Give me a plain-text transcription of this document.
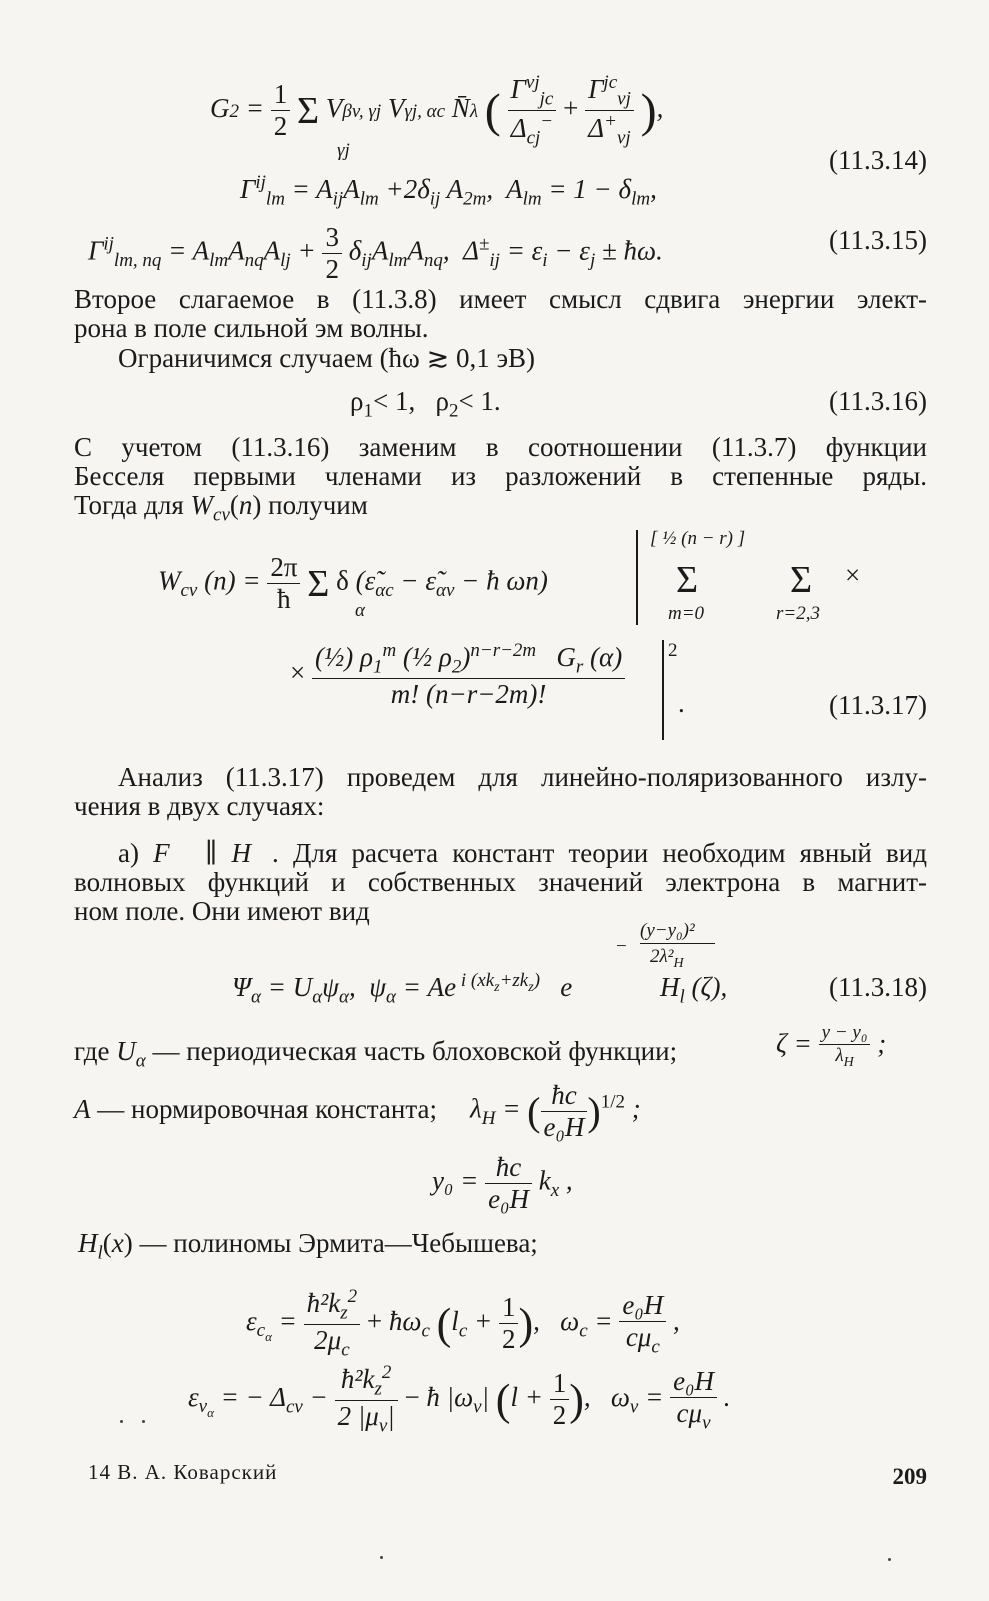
$G2 = \frac{1}{2}$ Σ Vβv, γj Vγj, αc N̄λ ( $\frac{\Gamma^{vj}_{jc}}{\Delta_{cj}^-} + \frac{\Gamma^{jc}_{vj}}{\Delta^+_{vj}}$ ),
γj	(11.3.14)
$\Gamma^{ij}_{lm} = A_{ij}A_{lm} +2\delta_{ij}$ $A_{2m}$,  $A_{lm} = 1 - \delta_{lm}$,
$\Gamma^{ij}_{lm, nq} = A_{lm}A_{nq}A_{lj} + \frac{3}{2} \delta_{ij}A_{lm}A_{nq}$,  $\Delta^\pm_{ij} = \varepsilon_i - \varepsilon_j$ ± ħω.	(11.3.15)
Второе слагаемое в (11.3.8) имеет смысл сдвига энергии элект-
рона в поле сильной эм волны.
Ограничимся случаем (ħω ≳ 0,1 эВ)
$\rho_1< 1$,   $\rho_2< 1$.	(11.3.16)
С учетом (11.3.16) заменим в соотношении (11.3.7) функции
Бесселя первыми членами из разложений в степенные ряды.
Тогда для $W_{cv}(n)$ получим
$W_{cv}$ $(n) = \frac{2\pi}{ħ}$ Σ δ ($\varepsiloñ_{\alpha c}$ − $\varepsiloñ_{\alpha v}$ − ħ ωn)
α
[ ½ (n − r) ]
Σ
m=0
Σ
r=2,3
×
× $\frac{(\frac{1}{2}) \rho_1^m (\frac{1}{2} \rho_2)^{n-r-2m} G_r (\alpha)}{m! (n-r-2m)!} 2$
.	(11.3.17)
Анализ (11.3.17) проведем для линейно-поляризованного излу-
чения в двух случаях:
а) F⃗ ∥ H⃗. Для расчета констант теории необходим явный вид
волновых функций и собственных значений электрона в магнит-
ном поле. Они имеют вид
(y−y₀)²
− $2\lambda^2_H$
$\Psi_\alpha = U_\alpha\psi_\alpha$,  $\psi_\alpha = Ae$ $^{i (xk_z+zk_z)}$   e             $H_l$ (ζ),	(11.3.18)
где $U_\alpha$ — периодическая часть блоховской функции;	$\zeta = \frac{\text{y − y₀}}{\lambda_H}$ ;
A — нормировочная константа; $\lambda_H$ = ( $\frac{ħc}{\text{e₀H}} )^{1/2}$ ;
$y_0 = \frac{ħc}{\text{e₀H}} k_x$ ,
$H_l(x)$ — полиномы Эрмита—Чебышева;
$\varepsilon_{c_\alpha} = \frac{ħ^2k_z^2}{2\mu_c}$ + $ħ\omega_c$ ($l_c + \frac{1}{2}$ ),   $\omega_c = \frac{\text{e₀H}}{c\mu_c}$ ,
$\varepsilon_{v_\alpha}$ = − $\Delta_{cv} - \frac{ħ^2k_z^2}{2 |\mu_v|}$ − ħ $|\omega_v|$ ($l + \frac{1}{2}$ ),   $\omega_v = \frac{\text{e₀H}}{c\mu_v}$ .
14 В. А. Коварский	209
